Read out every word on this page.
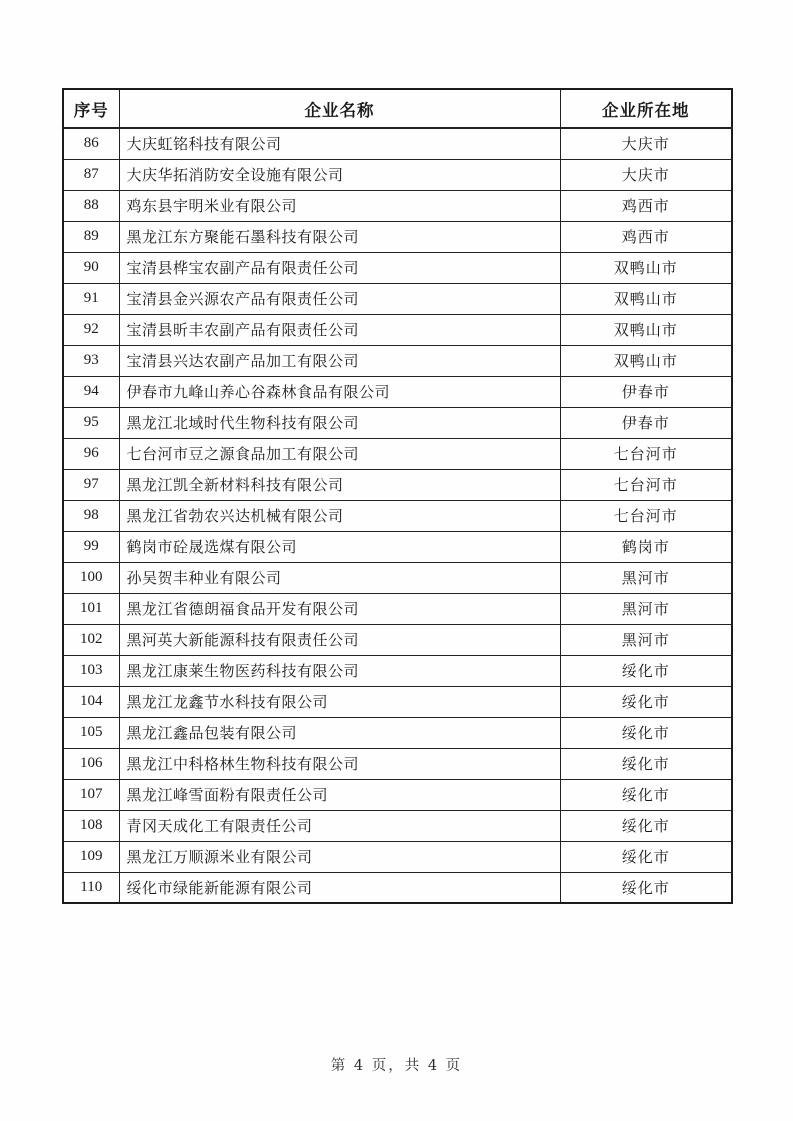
序号	企业名称	企业所在地
86	大庆虹铭科技有限公司	大庆市
87	大庆华拓消防安全设施有限公司	大庆市
88	鸡东县宇明米业有限公司	鸡西市
89	黑龙江东方聚能石墨科技有限公司	鸡西市
90	宝清县桦宝农副产品有限责任公司	双鸭山市
91	宝清县金兴源农产品有限责任公司	双鸭山市
92	宝清县昕丰农副产品有限责任公司	双鸭山市
93	宝清县兴达农副产品加工有限公司	双鸭山市
94	伊春市九峰山养心谷森林食品有限公司	伊春市
95	黑龙江北域时代生物科技有限公司	伊春市
96	七台河市豆之源食品加工有限公司	七台河市
97	黑龙江凯全新材料科技有限公司	七台河市
98	黑龙江省勃农兴达机械有限公司	七台河市
99	鹤岗市砼晟选煤有限公司	鹤岗市
100	孙吴贺丰种业有限公司	黑河市
101	黑龙江省德朗福食品开发有限公司	黑河市
102	黑河英大新能源科技有限责任公司	黑河市
103	黑龙江康莱生物医药科技有限公司	绥化市
104	黑龙江龙鑫节水科技有限公司	绥化市
105	黑龙江鑫品包装有限公司	绥化市
106	黑龙江中科格林生物科技有限公司	绥化市
107	黑龙江峰雪面粉有限责任公司	绥化市
108	青冈天成化工有限责任公司	绥化市
109	黑龙江万顺源米业有限公司	绥化市
110	绥化市绿能新能源有限公司	绥化市
第 4 页，共 4 页
